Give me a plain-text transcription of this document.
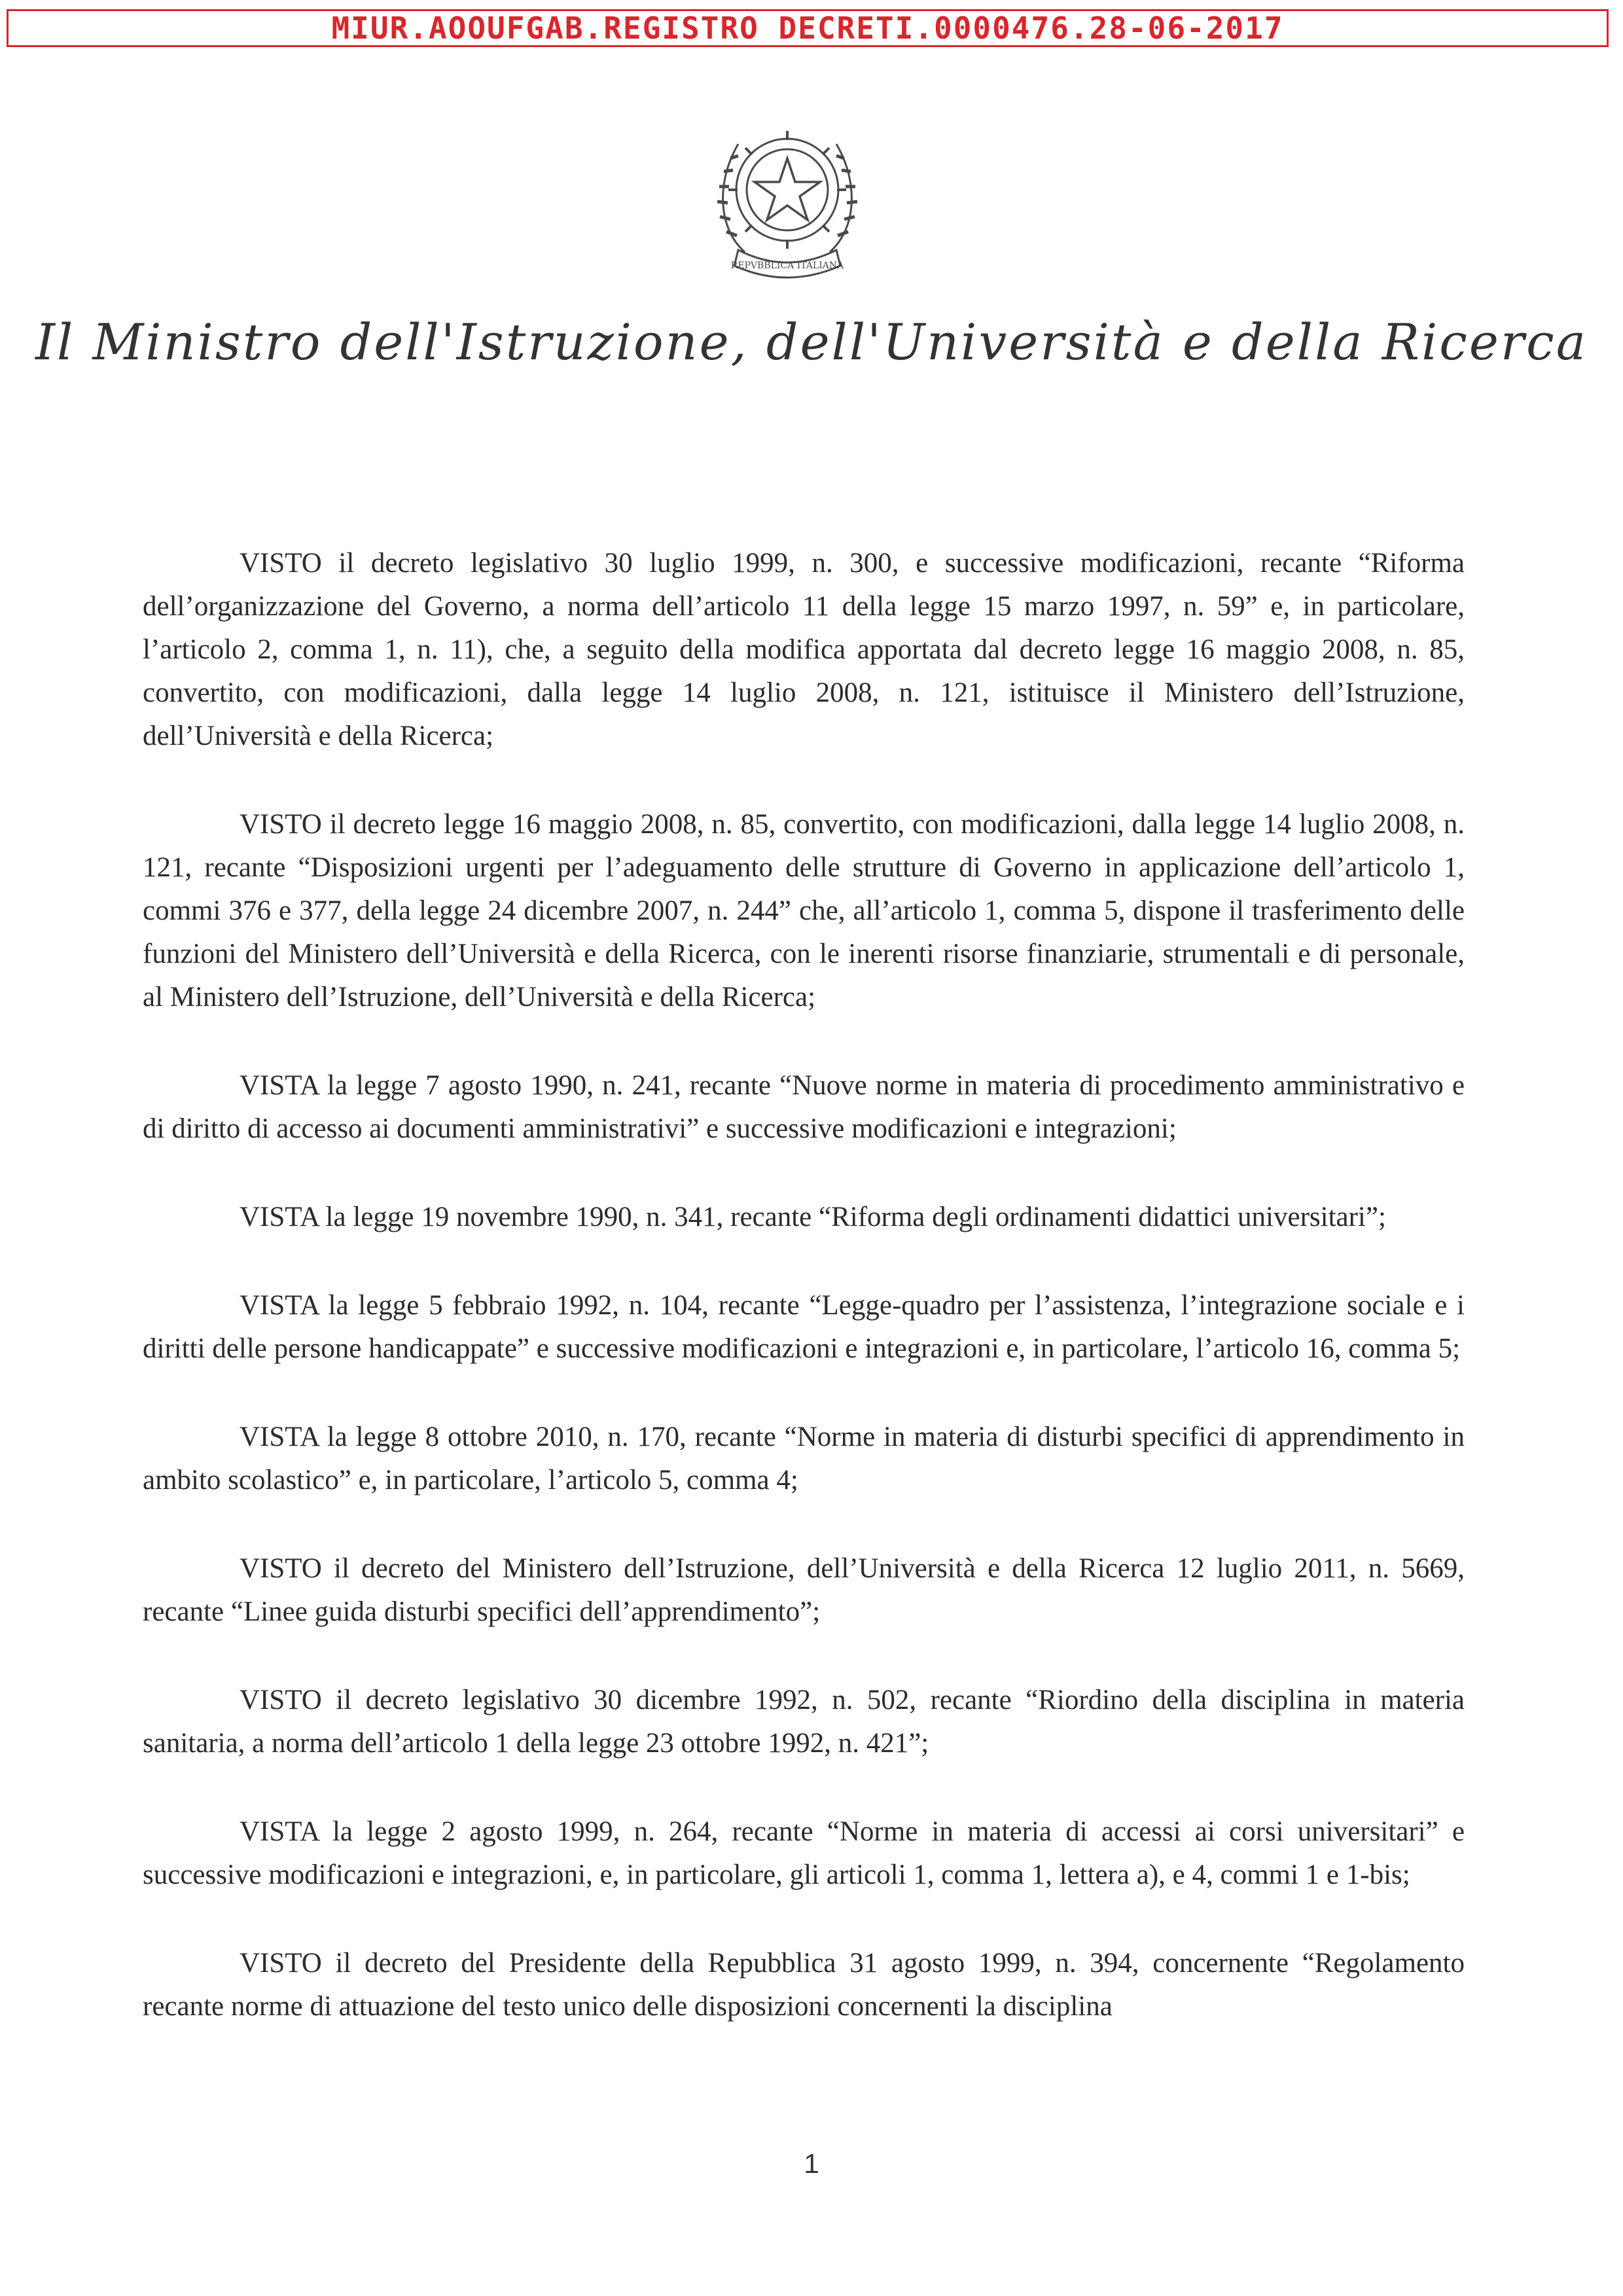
MIUR.AOOUFGAB.REGISTRO DECRETI.0000476.28-06-2017
REPVBBLICA ITALIANA
Il Ministro dell'Istruzione, dell'Università e della Ricerca

VISTO il decreto legislativo 30 luglio 1999, n. 300, e successive modificazioni, recante “Riforma dell’organizzazione del Governo, a norma dell’articolo 11 della legge 15 marzo 1997, n. 59” e, in particolare, l’articolo 2, comma 1, n. 11), che, a seguito della modifica apportata dal decreto legge 16 maggio 2008, n. 85, convertito, con modificazioni, dalla legge 14 luglio 2008, n. 121, istituisce il Ministero dell’Istruzione, dell’Università e della Ricerca;

VISTO il decreto legge 16 maggio 2008, n. 85, convertito, con modificazioni, dalla legge 14 luglio 2008, n. 121, recante “Disposizioni urgenti per l’adeguamento delle strutture di Governo in applicazione dell’articolo 1, commi 376 e 377, della legge 24 dicembre 2007, n. 244” che, all’articolo 1, comma 5, dispone il trasferimento delle funzioni del Ministero dell’Università e della Ricerca, con le inerenti risorse finanziarie, strumentali e di personale, al Ministero dell’Istruzione, dell’Università e della Ricerca;

VISTA la legge 7 agosto 1990, n. 241, recante “Nuove norme in materia di procedimento amministrativo e di diritto di accesso ai documenti amministrativi” e successive modificazioni e integrazioni;

VISTA la legge 19 novembre 1990, n. 341, recante “Riforma degli ordinamenti didattici universitari”;

VISTA la legge 5 febbraio 1992, n. 104, recante “Legge-quadro per l’assistenza, l’integrazione sociale e i diritti delle persone handicappate” e successive modificazioni e integrazioni e, in particolare, l’articolo 16, comma 5;

VISTA la legge 8 ottobre 2010, n. 170, recante “Norme in materia di disturbi specifici di apprendimento in ambito scolastico” e, in particolare, l’articolo 5, comma 4;

VISTO il decreto del Ministero dell’Istruzione, dell’Università e della Ricerca 12 luglio 2011, n. 5669, recante “Linee guida disturbi specifici dell’apprendimento”;

VISTO il decreto legislativo 30 dicembre 1992, n. 502, recante “Riordino della disciplina in materia sanitaria, a norma dell’articolo 1 della legge 23 ottobre 1992, n. 421”;

VISTA la legge 2 agosto 1999, n. 264, recante “Norme in materia di accessi ai corsi universitari” e successive modificazioni e integrazioni, e, in particolare, gli articoli 1, comma 1, lettera a), e 4, commi 1 e 1-bis;

VISTO il decreto del Presidente della Repubblica 31 agosto 1999, n. 394, concernente “Regolamento recante norme di attuazione del testo unico delle disposizioni concernenti la disciplina

1
